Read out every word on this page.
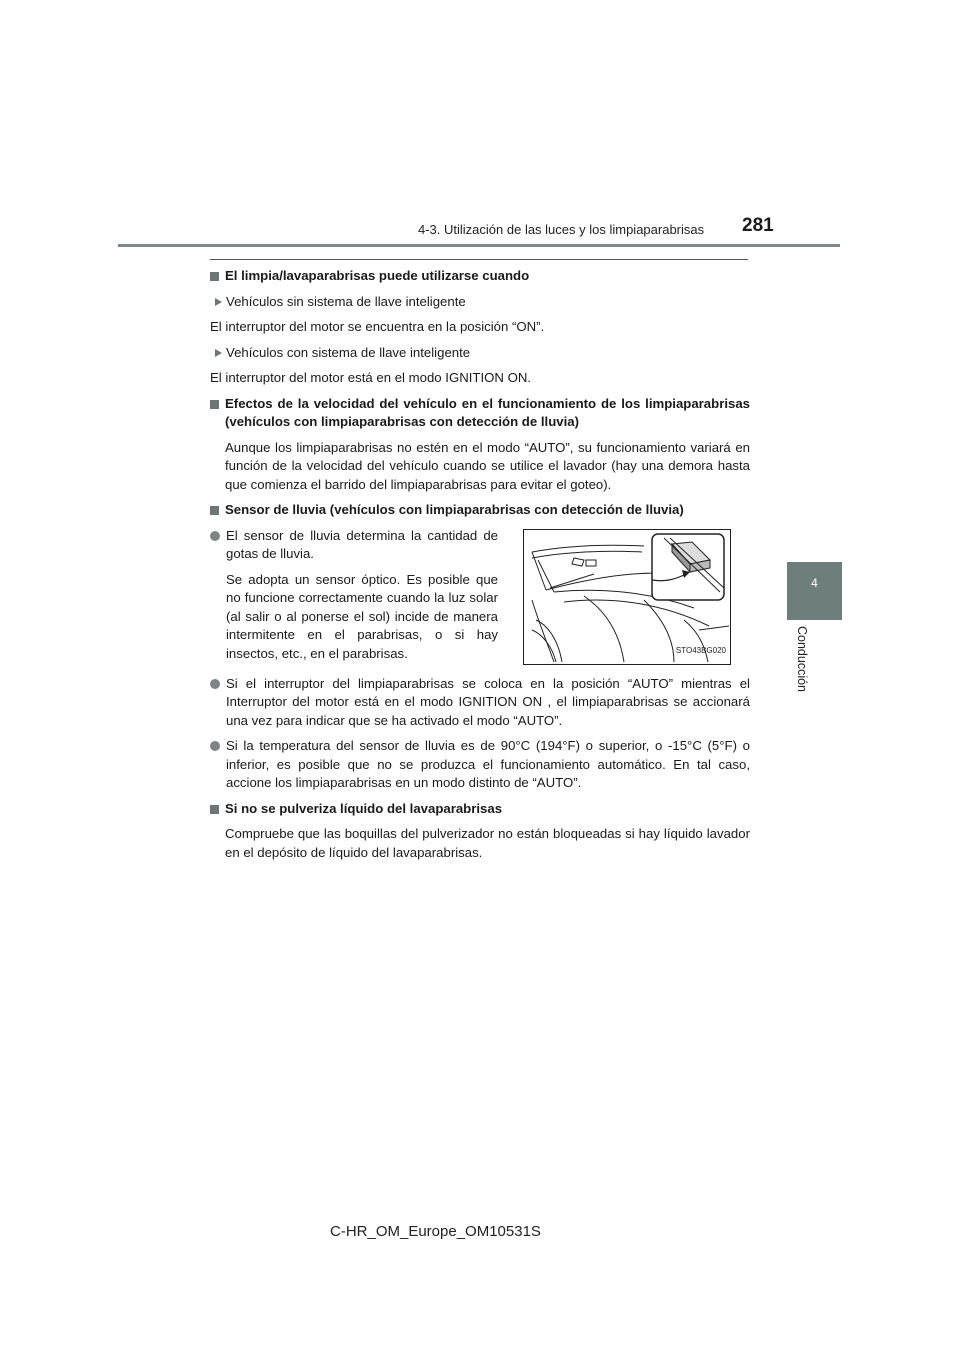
4-3. Utilización de las luces y los limpiaparabrisas 281
4
Conducción
El limpia/lavaparabrisas puede utilizarse cuando
Vehículos sin sistema de llave inteligente
El interruptor del motor se encuentra en la posición “ON”.
Vehículos con sistema de llave inteligente
El interruptor del motor está en el modo IGNITION ON.
Efectos de la velocidad del vehículo en el funcionamiento de los limpiaparabrisas (vehículos con limpiaparabrisas con detección de lluvia)
Aunque los limpiaparabrisas no estén en el modo “AUTO”, su funcionamiento variará en función de la velocidad del vehículo cuando se utilice el lavador (hay una demora hasta que comienza el barrido del limpiaparabrisas para evitar el goteo).
Sensor de lluvia (vehículos con limpiaparabrisas con detección de lluvia)
El sensor de lluvia determina la cantidad de gotas de lluvia.
Se adopta un sensor óptico. Es posible que no funcione correctamente cuando la luz solar (al salir o al ponerse el sol) incide de manera intermitente en el parabrisas, o si hay insectos, etc., en el parabrisas.	STO43BG020
Si el interruptor del limpiaparabrisas se coloca en la posición “AUTO” mientras el Interruptor del motor está en el modo IGNITION ON , el limpiaparabrisas se accionará una vez para indicar que se ha activado el modo “AUTO”.
Si la temperatura del sensor de lluvia es de 90°C (194°F) o superior, o -15°C (5°F) o inferior, es posible que no se produzca el funcionamiento automático. En tal caso, accione los limpiaparabrisas en un modo distinto de “AUTO”.
Si no se pulveriza líquido del lavaparabrisas
Compruebe que las boquillas del pulverizador no están bloqueadas si hay líquido lavador en el depósito de líquido del lavaparabrisas.
C-HR_OM_Europe_OM10531S
